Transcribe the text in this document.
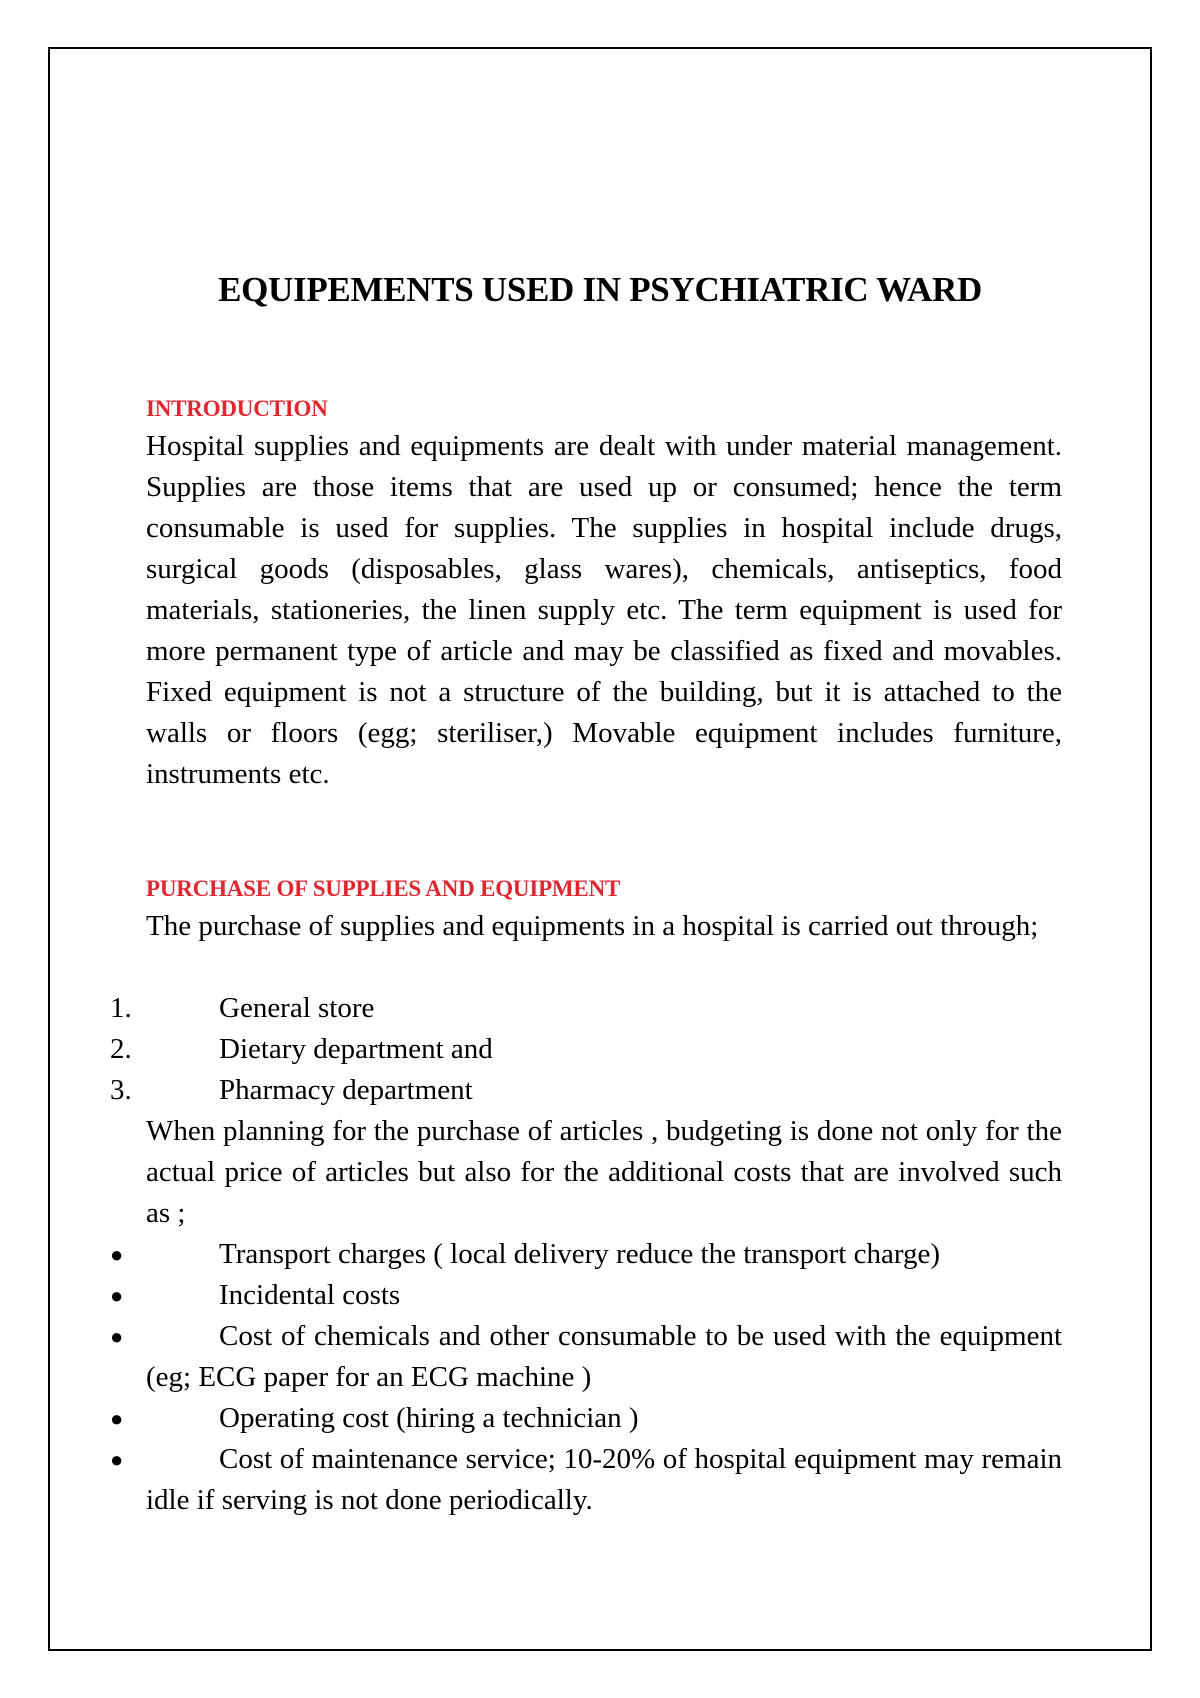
EQUIPEMENTS USED IN PSYCHIATRIC WARD
INTRODUCTION

Hospital supplies and equipments are dealt with under material management. Supplies are those items that are used up or consumed; hence the term consumable is used for supplies. The supplies in hospital include drugs, surgical goods (disposables, glass wares), chemicals, antiseptics, food materials, stationeries, the linen supply etc. The term equipment is used for more permanent type of article and may be classified as fixed and movables. Fixed equipment is not a structure of the building, but it is attached to the walls or floors (egg; steriliser,) Movable equipment includes furniture, instruments etc.

PURCHASE OF SUPPLIES AND EQUIPMENT

The purchase of supplies and equipments in a hospital is carried out through;

1.	General store
2.	Dietary department and
3.	Pharmacy department

When planning for the purchase of articles , budgeting is done not only for the actual price of articles but also for the additional costs that are involved such as ;

●	Transport charges ( local delivery reduce the transport charge)
●	Incidental costs
●	Cost of chemicals and other consumable to be used with the equipment (eg; ECG paper for an ECG machine )
●	Operating cost (hiring a technician )
●	Cost of maintenance service; 10-20% of hospital equipment may remain idle if serving is not done periodically.
